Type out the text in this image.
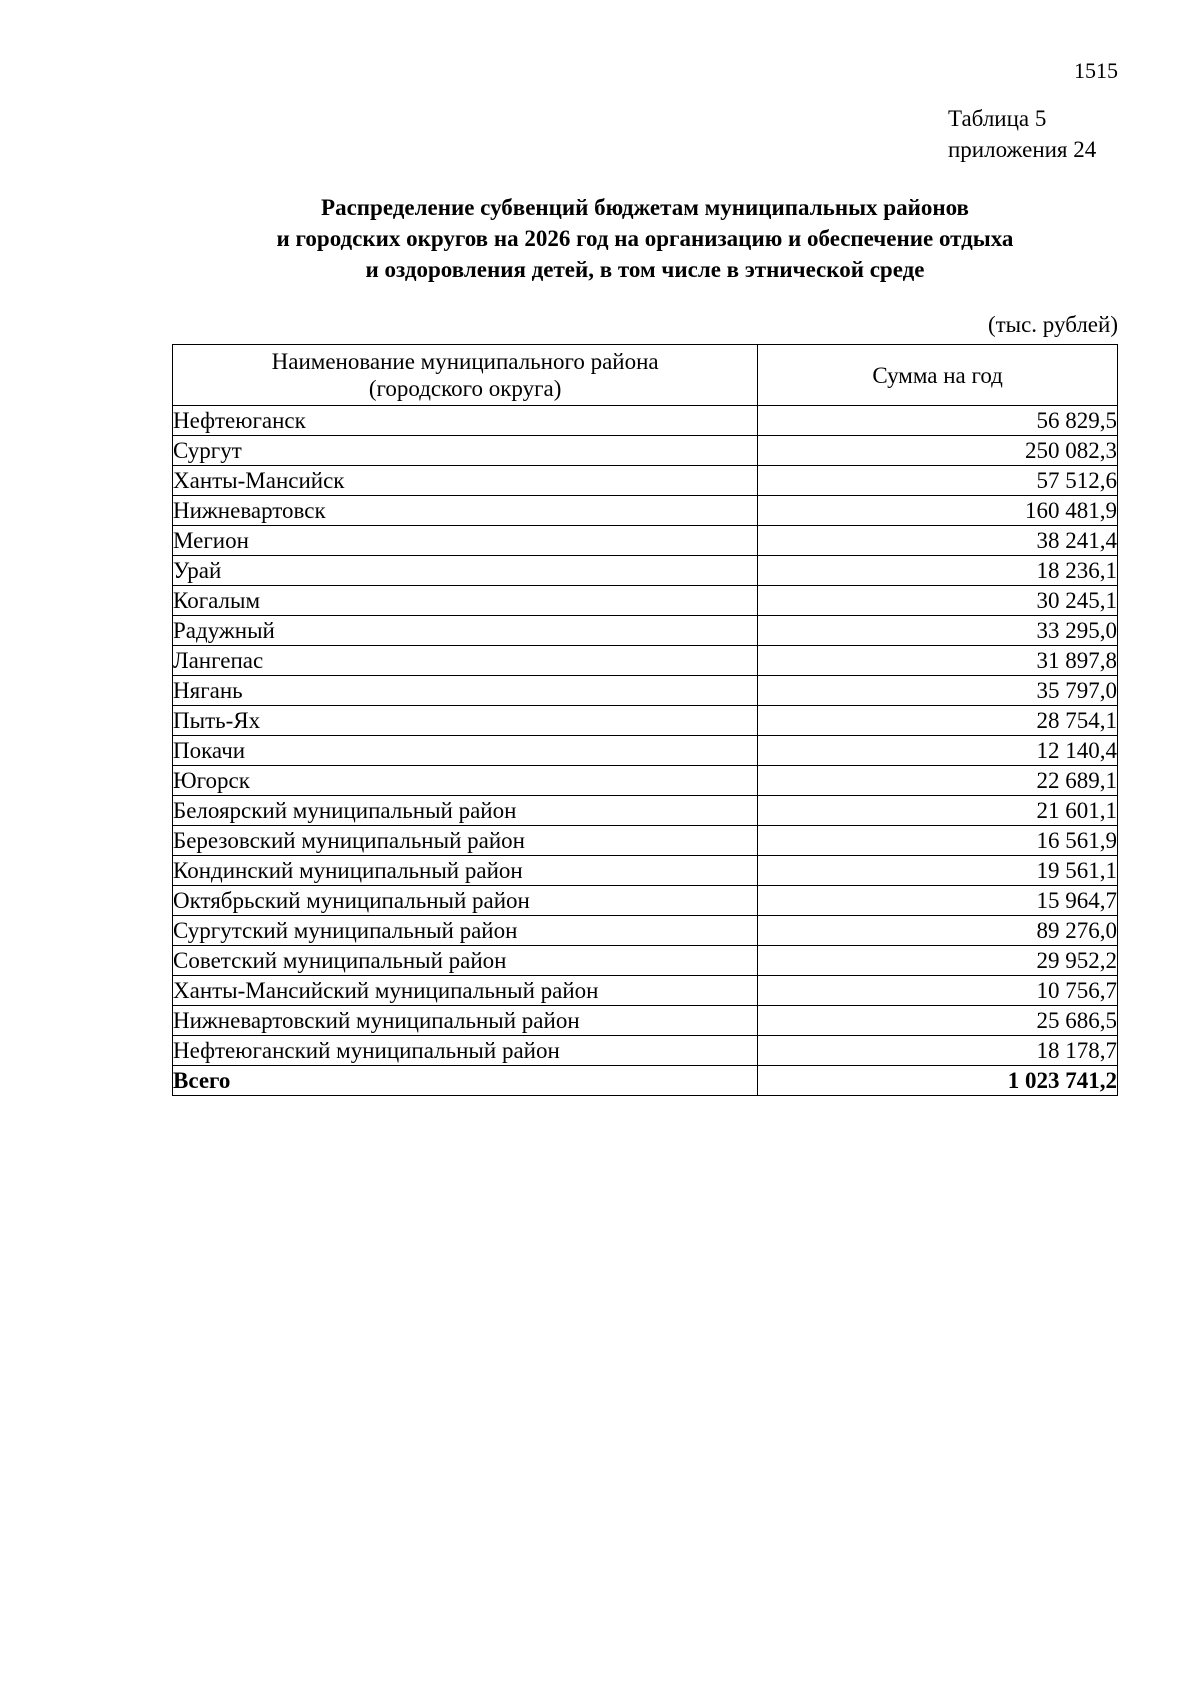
1515
Таблица 5
приложения 24
Распределение субвенций бюджетам муниципальных районов
и городских округов на 2026 год на организацию и обеспечение отдыха
и оздоровления детей, в том числе в этнической среде
(тыс. рублей)
Наименование муниципального района
(городского округа)	Сумма на год
Нефтеюганск	56 829,5
Сургут	250 082,3
Ханты-Мансийск	57 512,6
Нижневартовск	160 481,9
Мегион	38 241,4
Урай	18 236,1
Когалым	30 245,1
Радужный	33 295,0
Лангепас	31 897,8
Нягань	35 797,0
Пыть-Ях	28 754,1
Покачи	12 140,4
Югорск	22 689,1
Белоярский муниципальный район	21 601,1
Березовский муниципальный район	16 561,9
Кондинский муниципальный район	19 561,1
Октябрьский муниципальный район	15 964,7
Сургутский муниципальный район	89 276,0
Советский муниципальный район	29 952,2
Ханты-Мансийский муниципальный район	10 756,7
Нижневартовский муниципальный район	25 686,5
Нефтеюганский муниципальный район	18 178,7
Всего	1 023 741,2
